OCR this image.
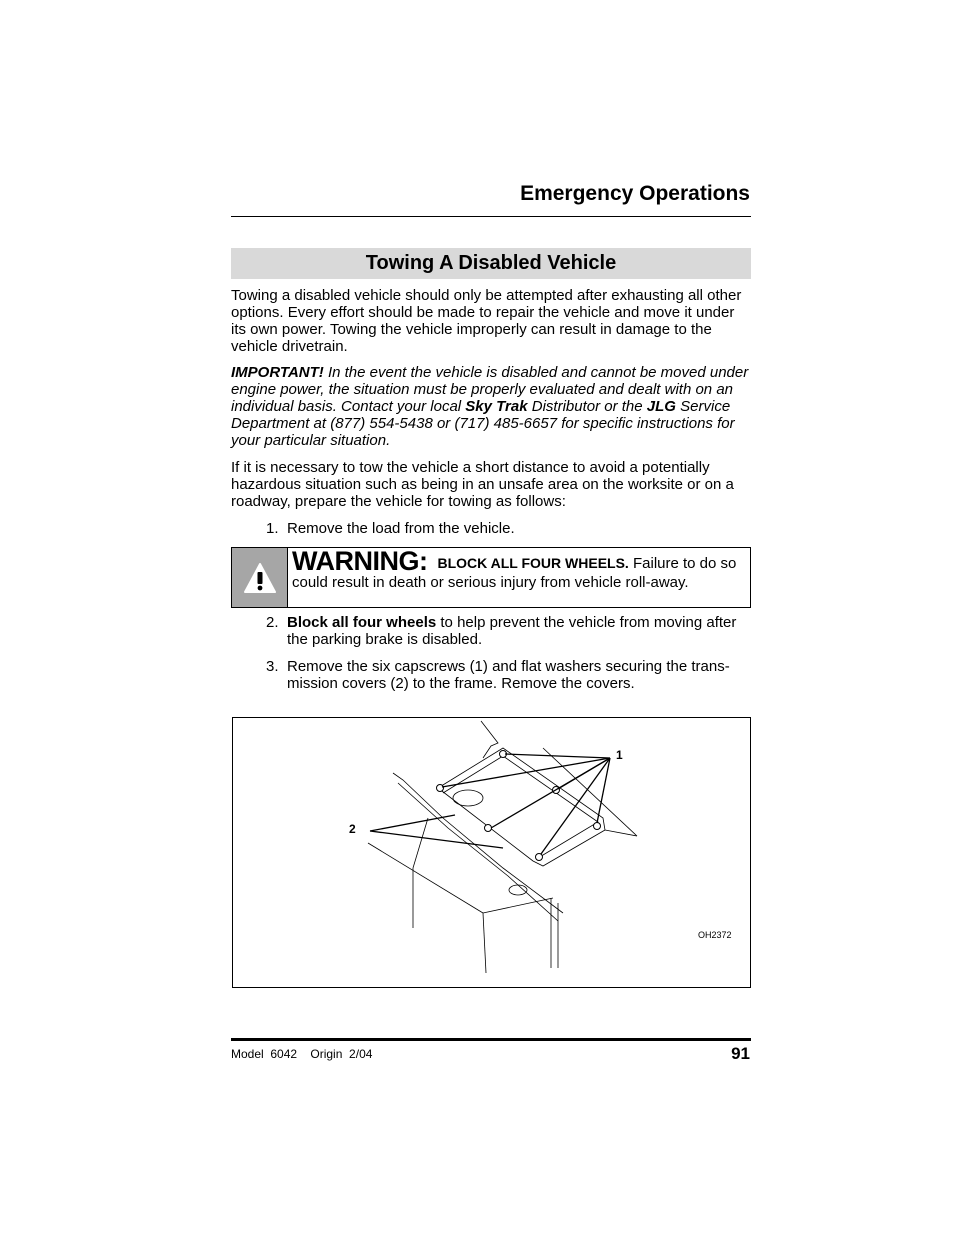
Emergency Operations
Towing A Disabled Vehicle

Towing a disabled vehicle should only be attempted after exhausting all other options. Every effort should be made to repair the vehicle and move it under its own power. Towing the vehicle improperly can result in damage to the vehicle drivetrain.

IMPORTANT! In the event the vehicle is disabled and cannot be moved under engine power, the situation must be properly evaluated and dealt with on an individual basis. Contact your local Sky Trak Distributor or the JLG Service Department at (877) 554-5438 or (717) 485-6657 for specific instructions for your particular situation.

If it is necessary to tow the vehicle a short distance to avoid a potentially hazardous situation such as being in an unsafe area on the worksite or on a roadway, prepare the vehicle for towing as follows:

1. Remove the load from the vehicle.
WARNING: BLOCK ALL FOUR WHEELS. Failure to do so could result in death or serious injury from vehicle roll-away.
2. Block all four wheels to help prevent the vehicle from moving after the parking brake is disabled.
3. Remove the six capscrews (1) and flat washers securing the trans-mission covers (2) to the frame. Remove the covers.
1
2
OH2372
Model  6042    Origin  2/04	91
